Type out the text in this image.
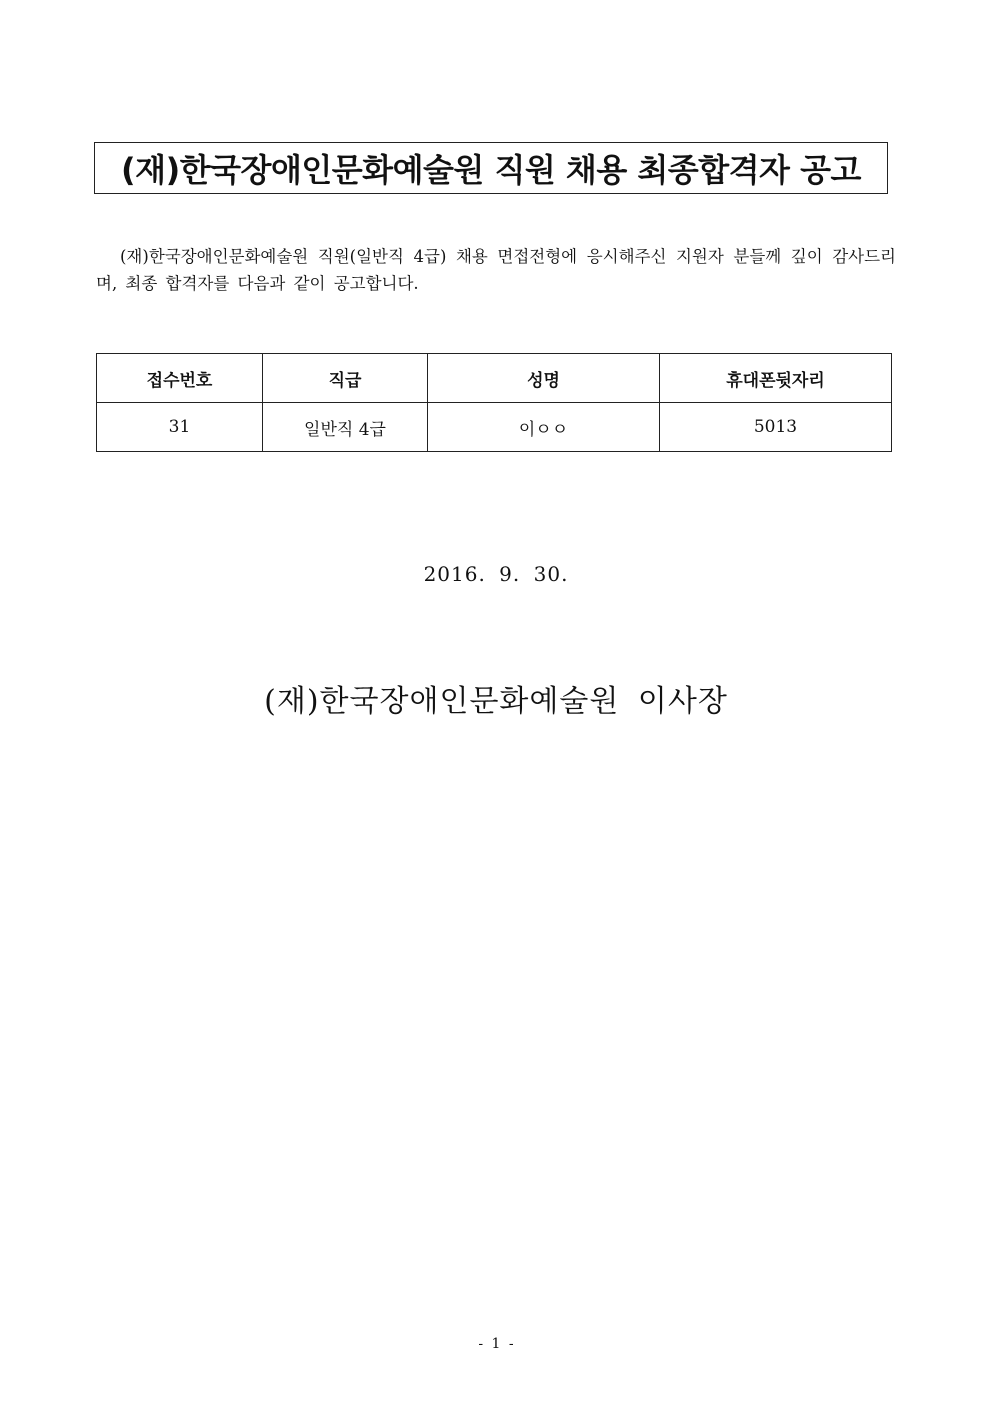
(재)한국장애인문화예술원 직원 채용 최종합격자 공고

(재)한국장애인문화예술원 직원(일반직 4급) 채용 면접전형에 응시해주신 지원자 분들께 깊이 감사드리며, 최종 합격자를 다음과 같이 공고합니다.

접수번호	직급	성명	휴대폰뒷자리
31	일반직 4급	이ㅇㅇ	5013
2016. 9. 30.
(재)한국장애인문화예술원 이사장
- 1 -
